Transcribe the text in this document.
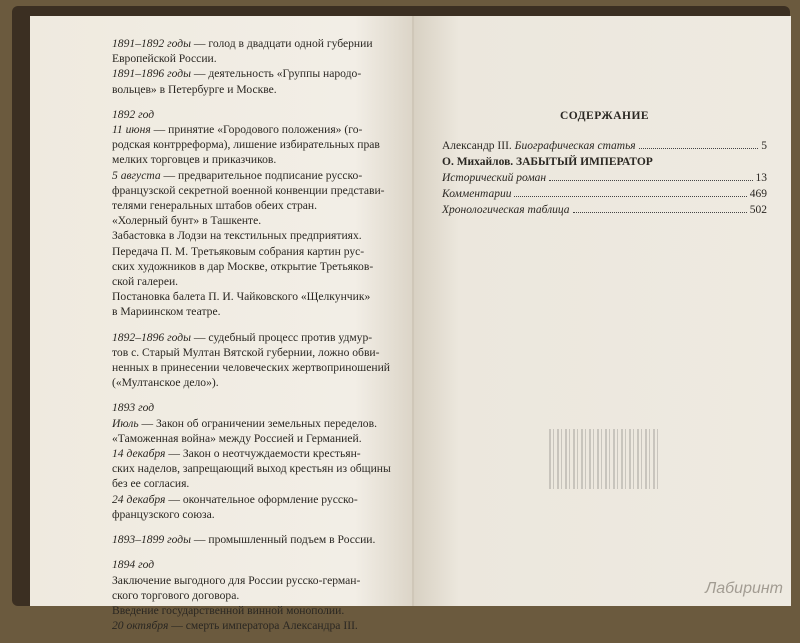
1891–1892 годы — голод в двадцати одной губернии
Европейской России.
1891–1896 годы — деятельность «Группы народо-
вольцев» в Петербурге и Москве.
1892 год
11 июня — принятие «Городового положения» (го-
родская контрреформа), лишение избирательных прав
мелких торговцев и приказчиков.
5 августа — предварительное подписание русско-
французской секретной военной конвенции представи-
телями генеральных штабов обеих стран.
«Холерный бунт» в Ташкенте.
Забастовка в Лодзи на текстильных предприятиях.
Передача П. М. Третьяковым собрания картин рус-
ских художников в дар Москве, открытие Третьяков-
ской галереи.
Постановка балета П. И. Чайковского «Щелкунчик»
в Мариинском театре.
1892–1896 годы — судебный процесс против удмур-
тов с. Старый Мултан Вятской губернии, ложно обви-
ненных в принесении человеческих жертвоприношений
(«Мултанское дело»).
1893 год
Июль — Закон об ограничении земельных переделов.
«Таможенная война» между Россией и Германией.
14 декабря — Закон о неотчуждаемости крестьян-
ских наделов, запрещающий выход крестьян из общины
без ее согласия.
24 декабря — окончательное оформление русско-
французского союза.
1893–1899 годы — промышленный подъем в России.
1894 год
Заключение выгодного для России русско-герман-
ского торгового договора.
Введение государственной винной монополии.
20 октября — смерть императора Александра III.
СОДЕРЖАНИЕ
Александр III. Биографическая статья	5
О. Михайлов. ЗАБЫТЫЙ ИМПЕРАТОР
Исторический роман	13
Комментарии	469
Хронологическая таблица	502
Лабиринт
